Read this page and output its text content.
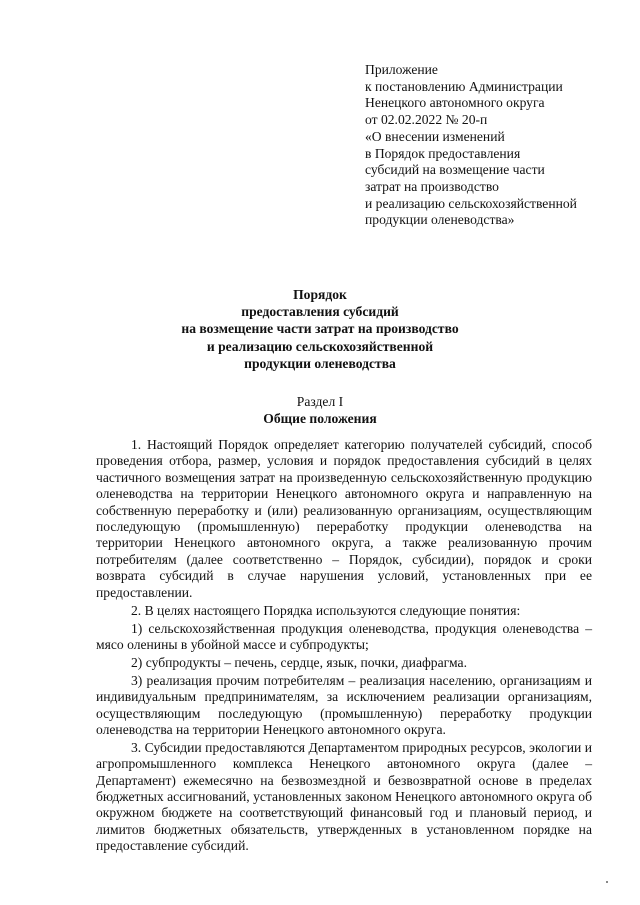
Приложение
к постановлению Администрации
Ненецкого автономного округа
от 02.02.2022 № 20-п
«О внесении изменений
в Порядок предоставления
субсидий на возмещение части
затрат на производство
и реализацию сельскохозяйственной
продукции оленеводства»
Порядок
предоставления субсидий
на возмещение части затрат на производство
и реализацию сельскохозяйственной
продукции оленеводства
Раздел I
Общие положения

1. Настоящий Порядок определяет категорию получателей субсидий, способ проведения отбора, размер, условия и порядок предоставления субсидий в целях частичного возмещения затрат на произведенную сельскохозяйственную продукцию оленеводства на территории Ненецкого автономного округа и направленную на собственную переработку и (или) реализованную организациям, осуществляющим последующую (промышленную) переработку продукции оленеводства на территории Ненецкого автономного округа, а также реализованную прочим потребителям (далее соответственно – Порядок, субсидии), порядок и сроки возврата субсидий в случае нарушения условий, установленных при ее предоставлении.

2. В целях настоящего Порядка используются следующие понятия:

1) сельскохозяйственная продукция оленеводства, продукция оленеводства – мясо оленины в убойной массе и субпродукты;

2) субпродукты – печень, сердце, язык, почки, диафрагма.

3) реализация прочим потребителям – реализация населению, организациям и индивидуальным предпринимателям, за исключением реализации организациям, осуществляющим последующую (промышленную) переработку продукции оленеводства на территории Ненецкого автономного округа.

3. Субсидии предоставляются Департаментом природных ресурсов, экологии и агропромышленного комплекса Ненецкого автономного округа (далее – Департамент) ежемесячно на безвозмездной и безвозвратной основе в пределах бюджетных ассигнований, установленных законом Ненецкого автономного округа об окружном бюджете на соответствующий финансовый год и плановый период, и лимитов бюджетных обязательств, утвержденных в установленном порядке на предоставление субсидий.
